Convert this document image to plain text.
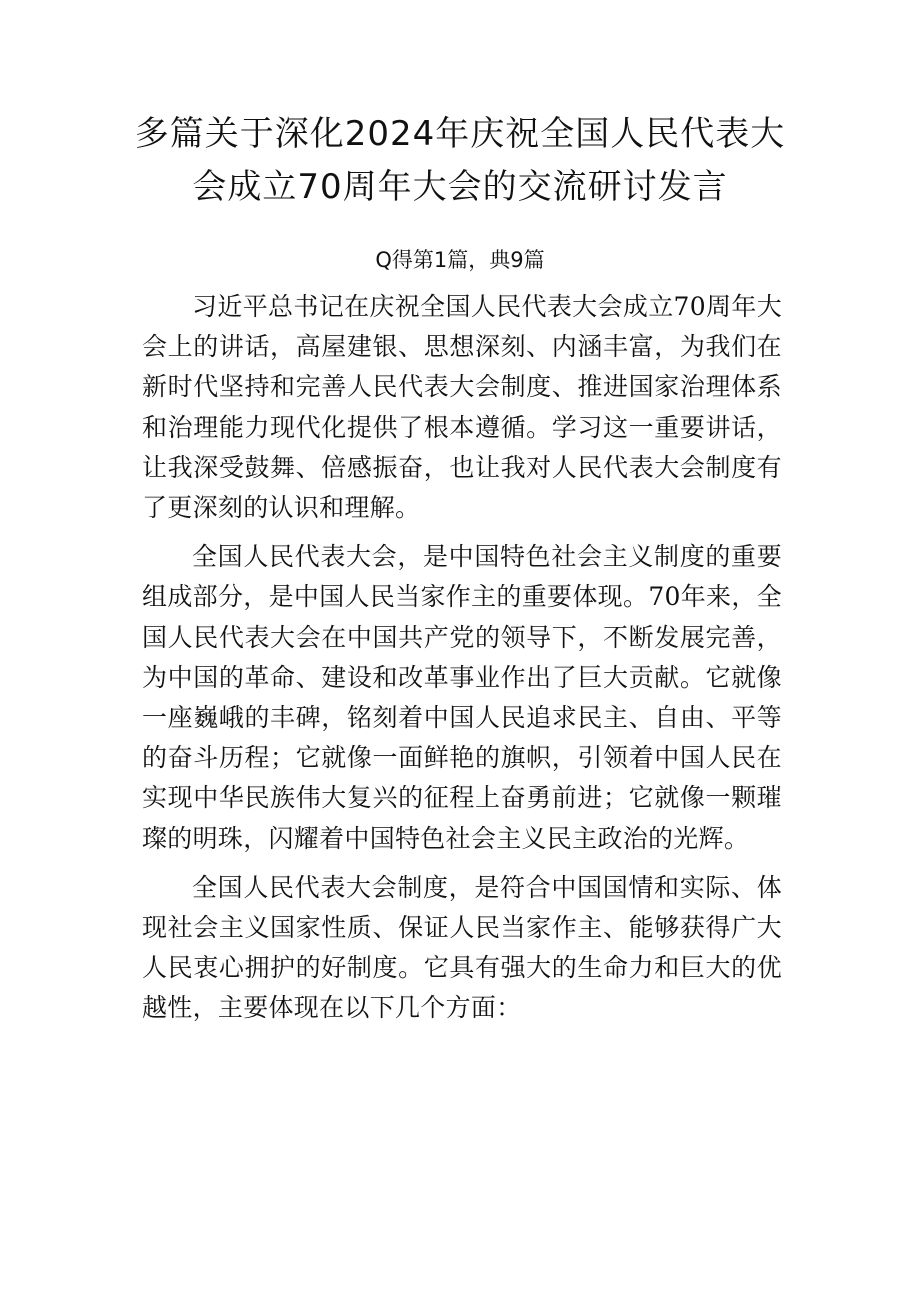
多篇关于深化2024年庆祝全国人民代表大
会成立70周年大会的交流研讨发言

Q得第1篇，典9篇

习近平总书记在庆祝全国人民代表大会成立70周年大会上的讲话，高屋建银、思想深刻、内涵丰富，为我们在新时代坚持和完善人民代表大会制度、推进国家治理体系和治理能力现代化提供了根本遵循。学习这一重要讲话，让我深受鼓舞、倍感振奋，也让我对人民代表大会制度有了更深刻的认识和理解。

全国人民代表大会，是中国特色社会主义制度的重要组成部分，是中国人民当家作主的重要体现。70年来，全国人民代表大会在中国共产党的领导下，不断发展完善，为中国的革命、建设和改革事业作出了巨大贡献。它就像一座巍峨的丰碑，铭刻着中国人民追求民主、自由、平等的奋斗历程；它就像一面鲜艳的旗帜，引领着中国人民在实现中华民族伟大复兴的征程上奋勇前进；它就像一颗璀璨的明珠，闪耀着中国特色社会主义民主政治的光辉。

全国人民代表大会制度，是符合中国国情和实际、体现社会主义国家性质、保证人民当家作主、能够获得广大人民衷心拥护的好制度。它具有强大的生命力和巨大的优越性，主要体现在以下几个方面：
